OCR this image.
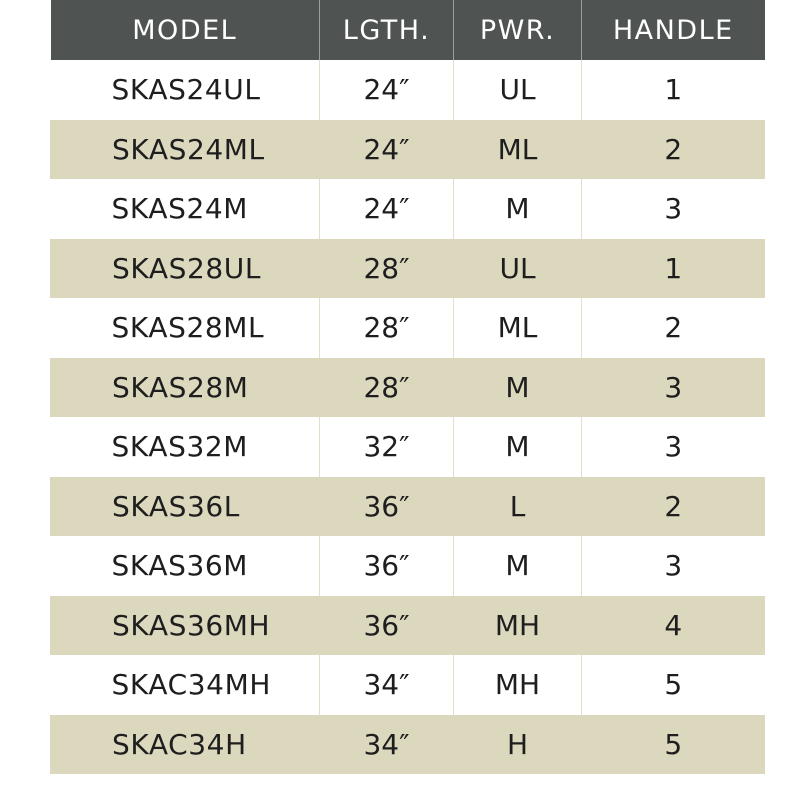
MODEL	LGTH.	PWR.	HANDLE
SKAS24UL	24″	UL	1
SKAS24ML	24″	ML	2
SKAS24M	24″	M	3
SKAS28UL	28″	UL	1
SKAS28ML	28″	ML	2
SKAS28M	28″	M	3
SKAS32M	32″	M	3
SKAS36L	36″	L	2
SKAS36M	36″	M	3
SKAS36MH	36″	MH	4
SKAC34MH	34″	MH	5
SKAC34H	34″	H	5
